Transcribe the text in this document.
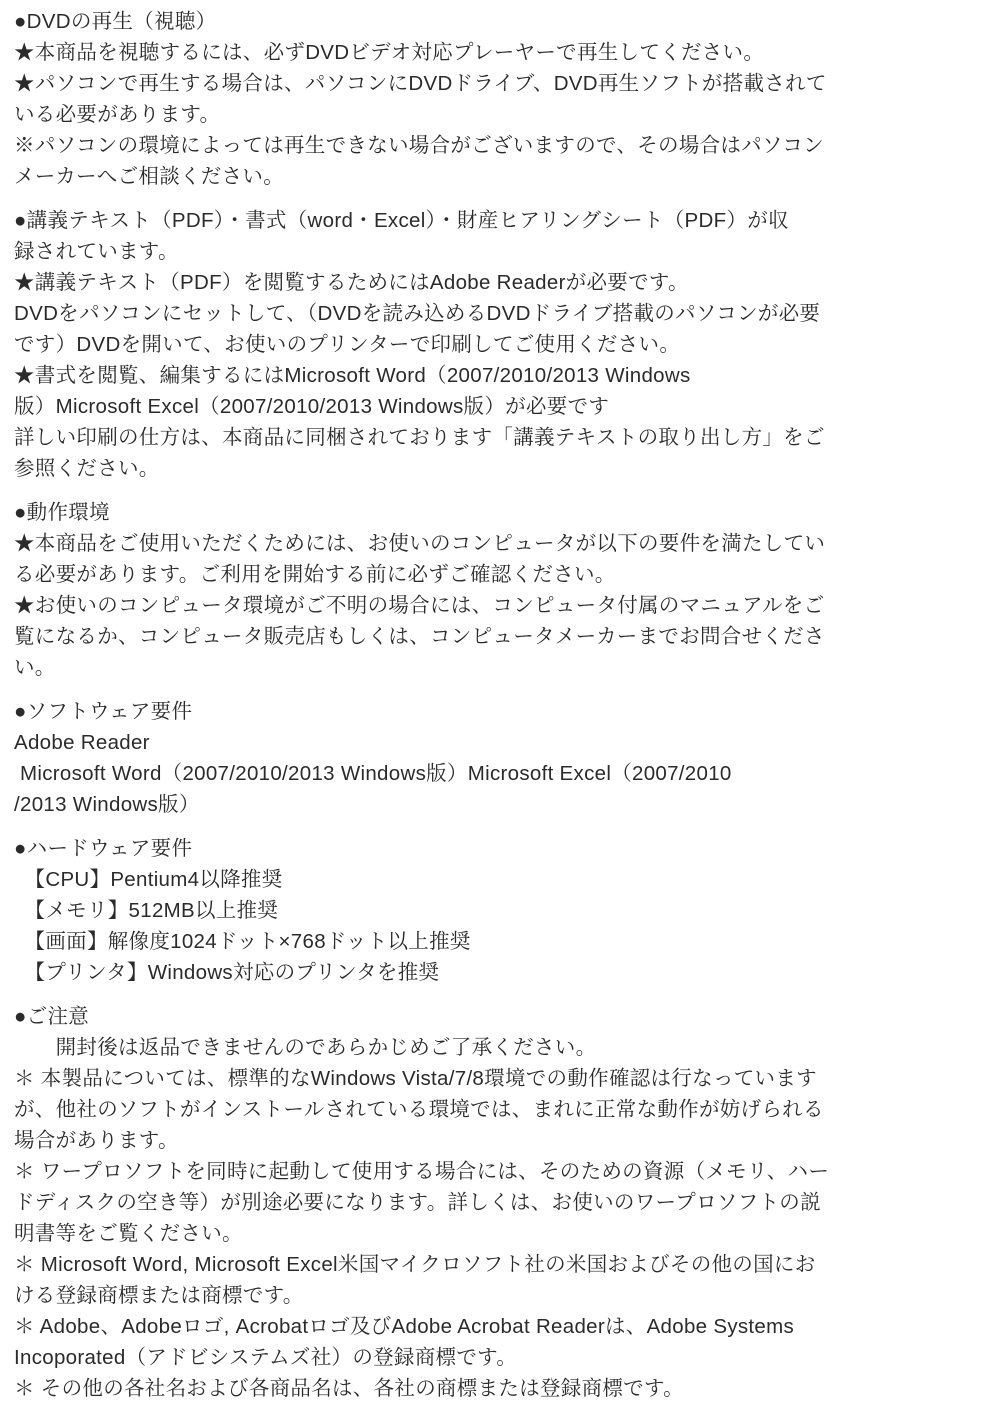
●DVDの再生（視聴）
★本商品を視聴するには、必ずDVDビデオ対応プレーヤーで再生してください。
★パソコンで再生する場合は、パソコンにDVDドライブ、DVD再生ソフトが搭載されて
いる必要があります。
※パソコンの環境によっては再生できない場合がございますので、その場合はパソコン
メーカーへご相談ください。
●講義テキスト（PDF）・書式（word・Excel）・財産ヒアリングシート（PDF）が収
録されています。
★講義テキスト（PDF）を閲覧するためにはAdobe Readerが必要です。
DVDをパソコンにセットして、（DVDを読み込めるDVDドライブ搭載のパソコンが必要
です）DVDを開いて、お使いのプリンターで印刷してご使用ください。
★書式を閲覧、編集するにはMicrosoft Word（2007/2010/2013 Windows
版）Microsoft Excel（2007/2010/2013 Windows版）が必要です
詳しい印刷の仕方は、本商品に同梱されております「講義テキストの取り出し方」をご
参照ください。
●動作環境
★本商品をご使用いただくためには、お使いのコンピュータが以下の要件を満たしてい
る必要があります。ご利用を開始する前に必ずご確認ください。
★お使いのコンピュータ環境がご不明の場合には、コンピュータ付属のマニュアルをご
覧になるか、コンピュータ販売店もしくは、コンピュータメーカーまでお問合せくださ
い。
●ソフトウェア要件
Adobe Reader
Microsoft Word（2007/2010/2013 Windows版）Microsoft Excel（2007/2010
/2013 Windows版）
●ハードウェア要件
　【CPU】Pentium4以降推奨
　【メモリ】512MB以上推奨
　【画面】解像度1024ドット×768ドット以上推奨
　【プリンタ】Windows対応のプリンタを推奨
●ご注意
　　開封後は返品できませんのであらかじめご了承ください。
＊ 本製品については、標準的なWindows Vista/7/8環境での動作確認は行なっています
が、他社のソフトがインストールされている環境では、まれに正常な動作が妨げられる
場合があります。
＊ ワープロソフトを同時に起動して使用する場合には、そのための資源（メモリ、ハー
ドディスクの空き等）が別途必要になります。詳しくは、お使いのワープロソフトの説
明書等をご覧ください。
＊ Microsoft Word, Microsoft Excel米国マイクロソフト社の米国およびその他の国にお
ける登録商標または商標です。
＊ Adobe、Adobeロゴ, Acrobatロゴ及びAdobe Acrobat Readerは、Adobe Systems
Incoporated（アドビシステムズ社）の登録商標です。
＊ その他の各社名および各商品名は、各社の商標または登録商標です。
